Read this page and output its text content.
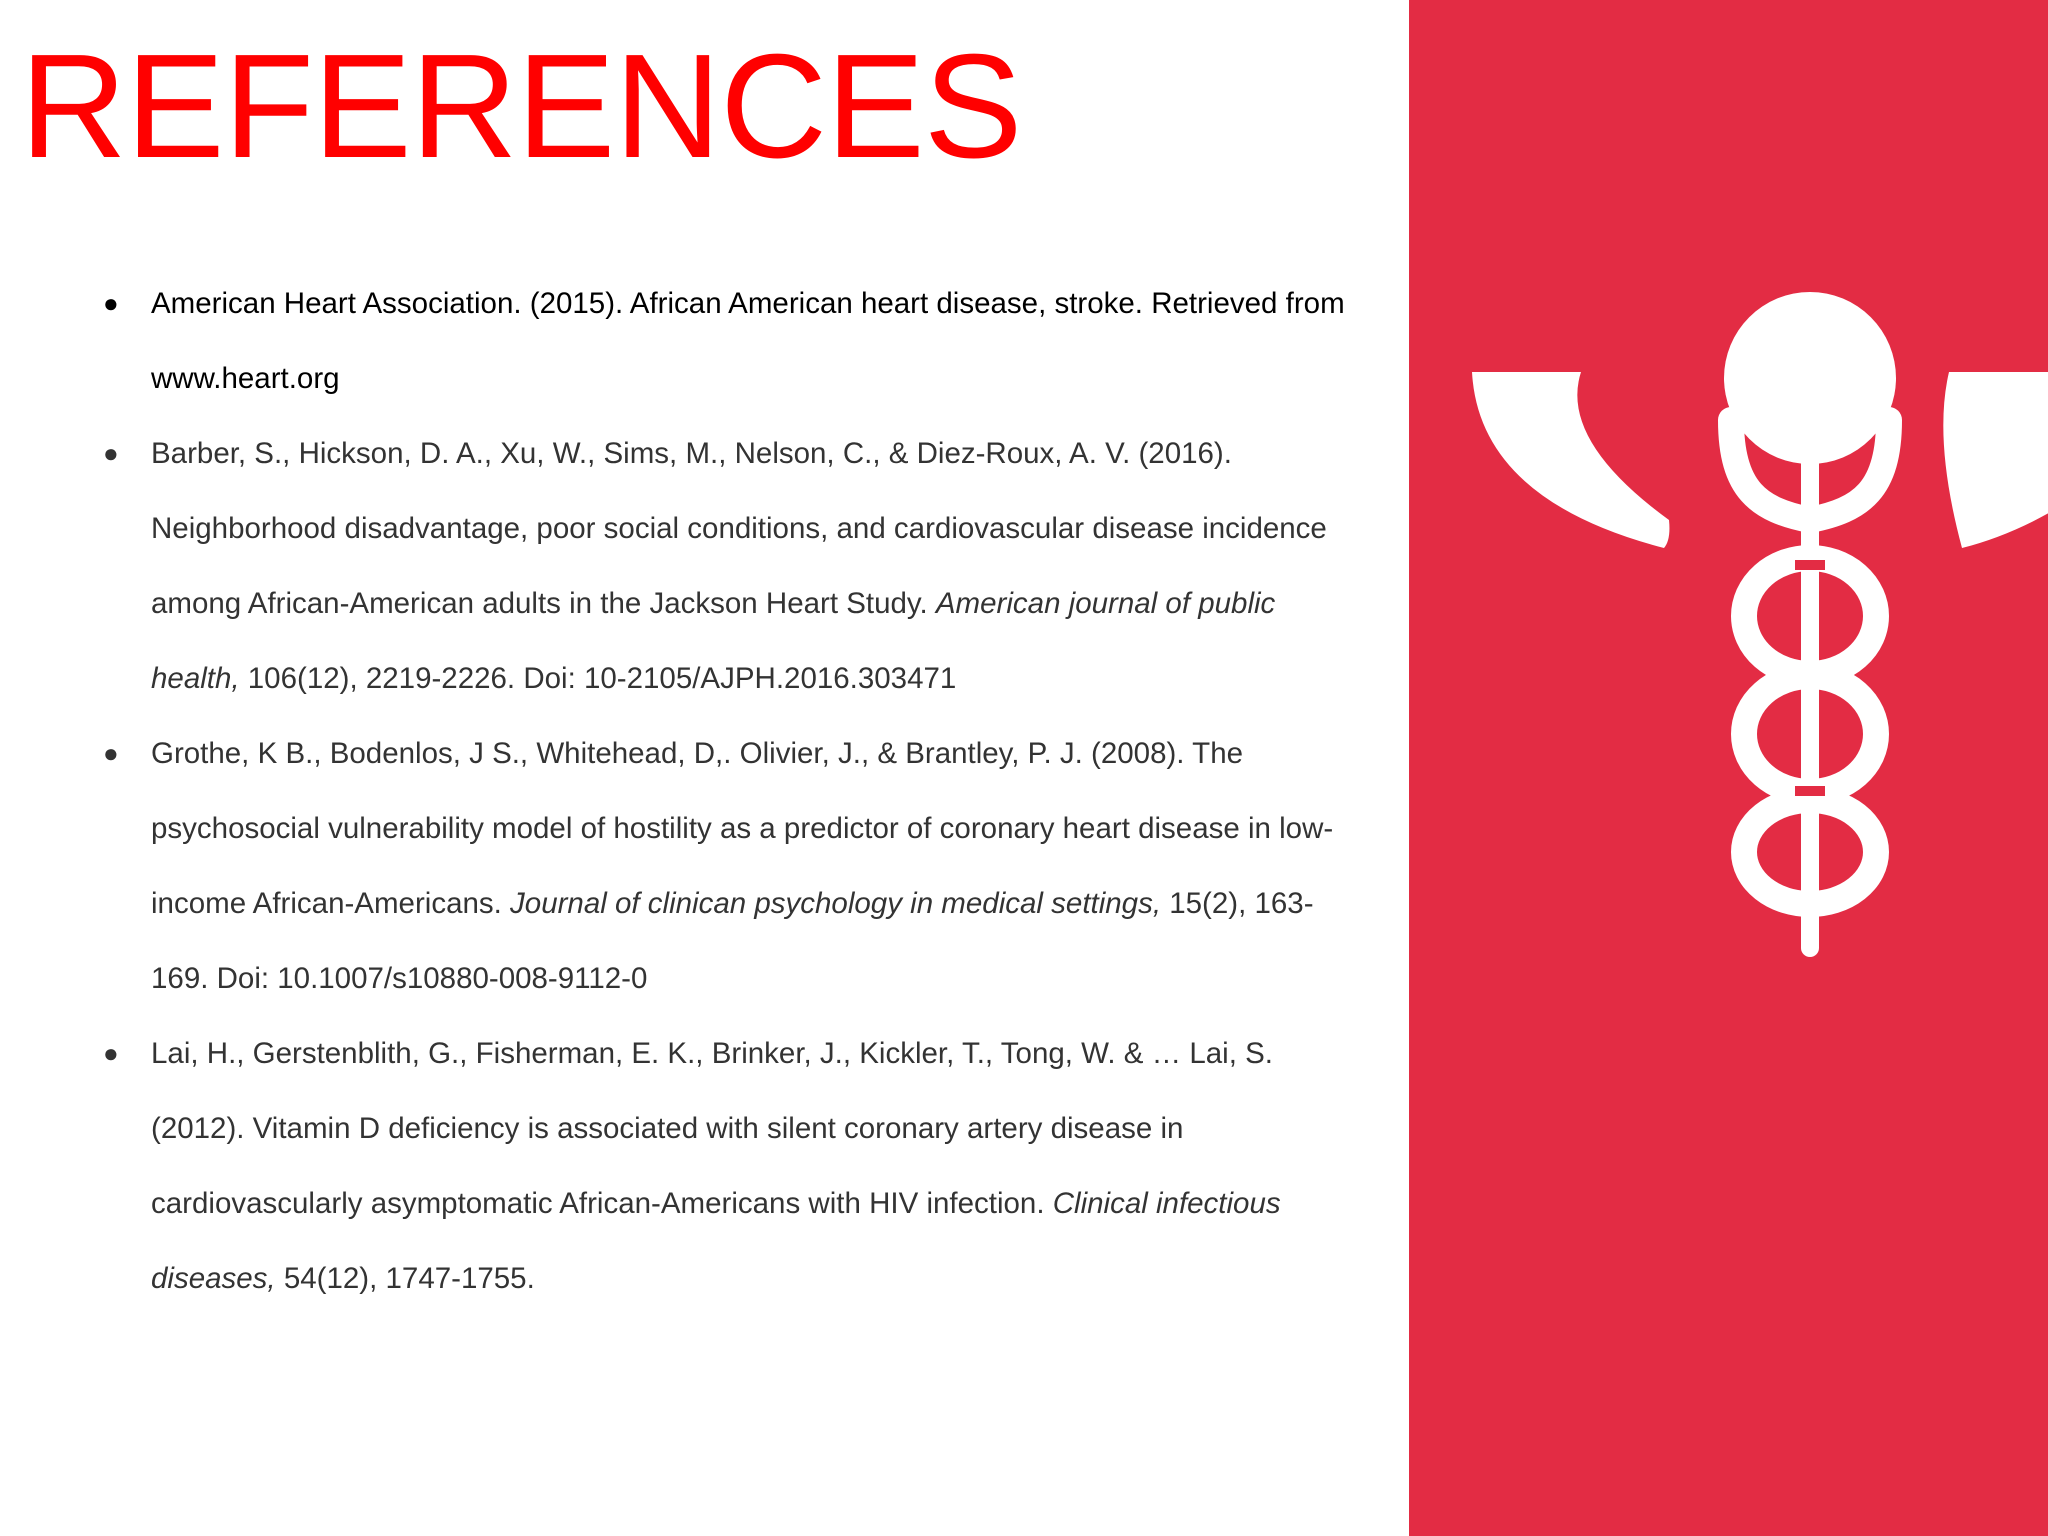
REFERENCES
● American Heart Association. (2015). African American heart disease, stroke. Retrieved from www.heart.org
● Barber, S., Hickson, D. A., Xu, W., Sims, M., Nelson, C., & Diez-Roux, A. V. (2016). Neighborhood disadvantage, poor social conditions, and cardiovascular disease incidence among African-American adults in the Jackson Heart Study. American journal of public health, 106(12), 2219-2226. Doi: 10-2105/AJPH.2016.303471
● Grothe, K B., Bodenlos, J S., Whitehead, D,. Olivier, J., & Brantley, P. J. (2008). The psychosocial vulnerability model of hostility as a predictor of coronary heart disease in low-income African-Americans. Journal of clinican psychology in medical settings, 15(2), 163-169. Doi: 10.1007/s10880-008-9112-0
● Lai, H., Gerstenblith, G., Fisherman, E. K., Brinker, J., Kickler, T., Tong, W. & … Lai, S. (2012). Vitamin D deficiency is associated with silent coronary artery disease in cardiovascularly asymptomatic African-Americans with HIV infection. Clinical infectious diseases, 54(12), 1747-1755.
